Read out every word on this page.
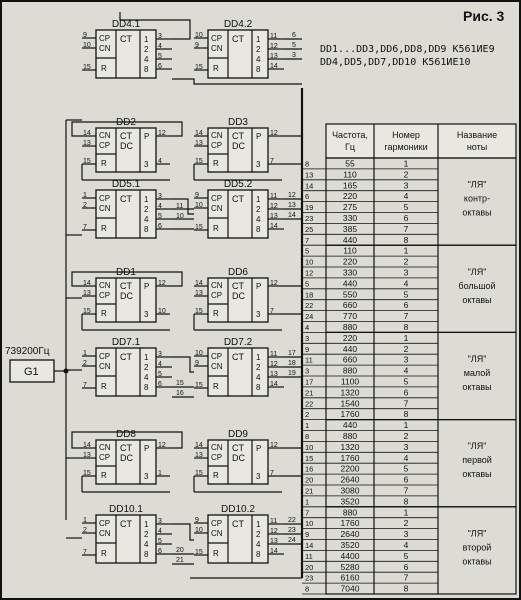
Рис. 3
DD1...DD3,DD6,DD8,DD9 К561ИЕ9
DD4,DD5,DD7,DD10 К561ИЕ10
739200Гц
G1
DD4.1
CP
CN
R
CT 1
2
4
8
9
10
15
3
4
5
6
DD4.2
CP
CN
R
CT 1
2
4
8
10
9
15
11
12
13
14
DD2
CN
CP
R
CT
DC
P
3
14
13
15
12
4
DD3
CN
CP
R
CT
DC
P
3
14
13
15
12
7
DD5.1
CP
CN
R
CT 1
2
4
8
1
2
7
3
4
5
6
DD5.2
CP
CN
R
CT 1
2
4
8
9
10
15
11
12
13
14
DD1
CN
CP
R
CT
DC
P
3
14
13
15
12
10
DD6
CN
CP
R
CT
DC
P
3
14
13
15
12
7
DD7.1
CP
CN
R
CT 1
2
4
8
1
2
7
3
4
5
6
DD7.2
CP
CN
R
CT 1
2
4
8
10
9
15
11
12
13
14
DD8
CN
CP
R
CT
DC
P
3
14
13
15
12
1
DD9
CN
CP
R
CT
DC
P
3
14
13
15
12
7
DD10.1
CP
CN
R
CT 1
2
4
8
1
2
7
3
4
5
6
DD10.2
CP
CN
R
CT 1
2
4
8
9
10
15
11
12
13
14
6
5
3
12
13
14
11
10
17
18
19
15
16
22
23
24
20
21
Частота,
Гц
Номер
гармоники
Название
ноты
8	55	1
13	110	2
14	165	3
6	220	4
19	275	5
23	330	6
25	385	7
7	440	8
"ЛЯ"
контр-
октавы
5	110	1
10	220	2
12	330	3
5	440	4
18	550	5
22	660	6
24	770	7
4	880	8
"ЛЯ"
большой
октавы
3	220	1
9	440	2
11	660	3
3	880	4
17	1100	5
21	1320	6
22	1540	7
2	1760	8
"ЛЯ"
малой
октавы
1	440	1
8	880	2
10	1320	3
15	1760	4
16	2200	5
20	2640	6
21	3080	7
1	3520	8
"ЛЯ"
первой
октавы
7	880	1
10	1760	2
9	2640	3
14	3520	4
11	4400	5
20	5280	6
23	6160	7
8	7040	8
"ЛЯ"
второй
октавы
